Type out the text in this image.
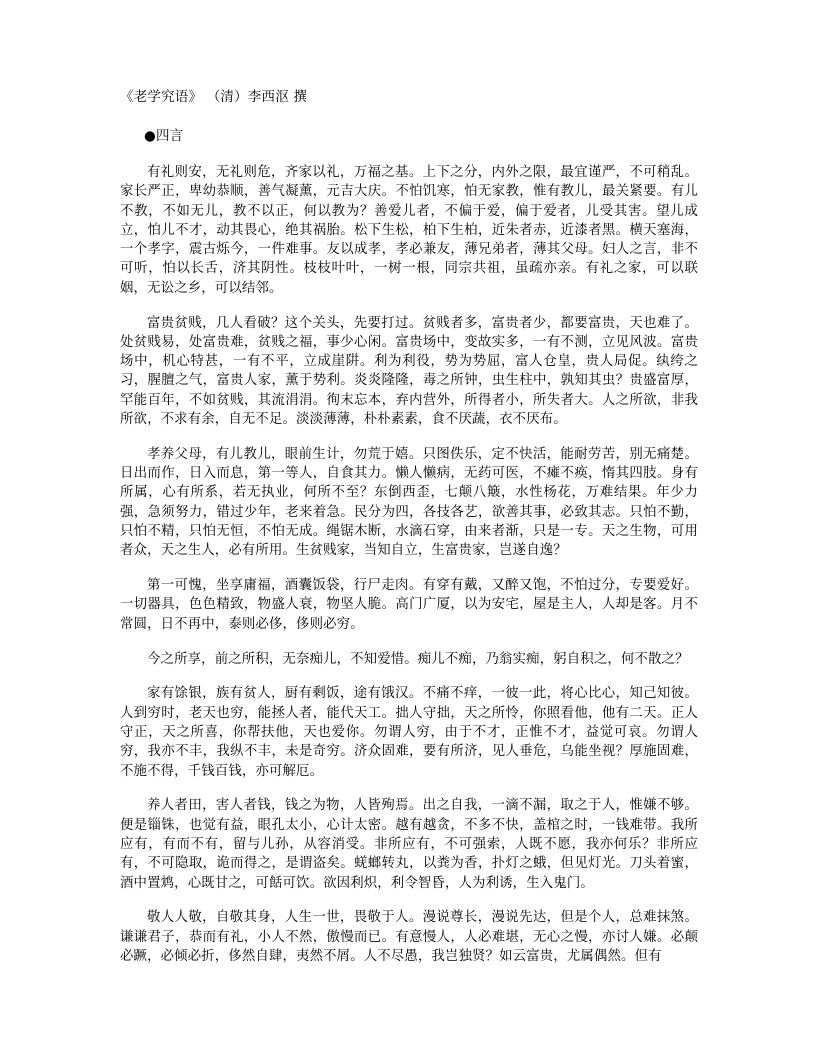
《老学究语》 （清）李西沤 撰
●四言

有礼则安，无礼则危，齐家以礼，万福之基。上下之分，内外之限，最宜谨严，不可稍乱。家长严正，卑幼恭顺，善气凝薰，元吉大庆。不怕饥寒，怕无家教，惟有教儿，最关紧要。有儿不教，不如无儿，教不以正，何以教为？善爱儿者，不偏于爱，偏于爱者，儿受其害。望儿成立，怕儿不才，动其畏心，绝其祸胎。松下生松，柏下生柏，近朱者赤，近漆者黑。横天塞海，一个孝字，震古烁今，一件难事。友以成孝，孝必兼友，薄兄弟者，薄其父母。妇人之言，非不可听，怕以长舌，济其阴性。枝枝叶叶，一树一根，同宗共祖，虽疏亦亲。有礼之家，可以联姻，无讼之乡，可以结邻。

富贵贫贱，几人看破？这个关头，先要打过。贫贱者多，富贵者少，都要富贵，天也难了。处贫贱易，处富贵难，贫贱之福，事少心闲。富贵场中，变故实多，一有不测，立见风波。富贵场中，机心特甚，一有不平，立成崖阱。利为利役，势为势屈，富人仓皇，贵人局促。纨绔之习，腥膻之气，富贵人家，薰于势利。炎炎隆隆，毒之所钟，虫生柱中，孰知其虫？贵盛富厚，罕能百年，不如贫贱，其流涓涓。徇末忘本，弃内营外，所得者小，所失者大。人之所欲，非我所欲，不求有余，自无不足。淡淡薄薄，朴朴素素，食不厌蔬，衣不厌布。

孝养父母，有儿教儿，眼前生计，勿荒于嬉。只图佚乐，定不快活，能耐劳苦，别无痛楚。日出而作，日入而息，第一等人，自食其力。懒人懒病，无药可医，不瘫不痪，惰其四肢。身有所属，心有所系，若无执业，何所不至？东倒西歪，七颠八簸，水性杨花，万难结果。年少力强，急须努力，错过少年，老来着急。民分为四，各技各艺，欲善其事，必致其志。只怕不勤，只怕不精，只怕无恒，不怕无成。绳锯木断，水滴石穿，由来者渐，只是一专。天之生物，可用者众，天之生人，必有所用。生贫贱家，当知自立，生富贵家，岂遂自逸？

第一可愧，坐享庸福，酒囊饭袋，行尸走肉。有穿有戴，又醉又饱，不怕过分，专要爱好。一切器具，色色精致，物盛人衰，物坚人脆。高门广厦，以为安宅，屋是主人，人却是客。月不常圆，日不再中，泰则必侈，侈则必穷。

今之所享，前之所积，无奈痴儿，不知爱惜。痴儿不痴，乃翁实痴，躬自积之，何不散之？

家有馀银，族有贫人，厨有剩饭，途有饿汉。不痛不痒，一彼一此，将心比心，知己知彼。人到穷时，老天也穷，能拯人者，能代天工。拙人守拙，天之所怜，你照看他，他有二天。正人守正，天之所喜，你帮扶他，天也爱你。勿谓人穷，由于不才，正惟不才，益觉可哀。勿谓人穷，我亦不丰，我纵不丰，未是奇穷。济众固难，要有所济，见人垂危，乌能坐视？厚施固难，不施不得，千钱百钱，亦可解厄。

养人者田，害人者钱，钱之为物，人皆殉焉。出之自我，一滴不漏，取之于人，惟嫌不够。便是锱铢，也觉有益，眼孔太小，心计太密。越有越贪，不多不快，盖棺之时，一钱难带。我所应有，有而不有，留与儿孙，从容消受。非所应有，不可强索，人既不愿，我亦何乐？非所应有，不可隐取，诡而得之，是谓盗矣。蜣螂转丸，以粪为香，扑灯之蛾，但见灯光。刀头着蜜，酒中置鸩，心既甘之，可餂可饮。欲因利炽，利令智昏，人为利诱，生入鬼门。

敬人人敬，自敬其身，人生一世，畏敬于人。漫说尊长，漫说先达，但是个人，总难抹煞。谦谦君子，恭而有礼，小人不然，傲慢而已。有意慢人，人必难堪，无心之慢，亦讨人嫌。必颠必蹶，必倾必折，侈然自肆，夷然不屑。人不尽愚，我岂独贤？如云富贵，尤属偶然。但有
